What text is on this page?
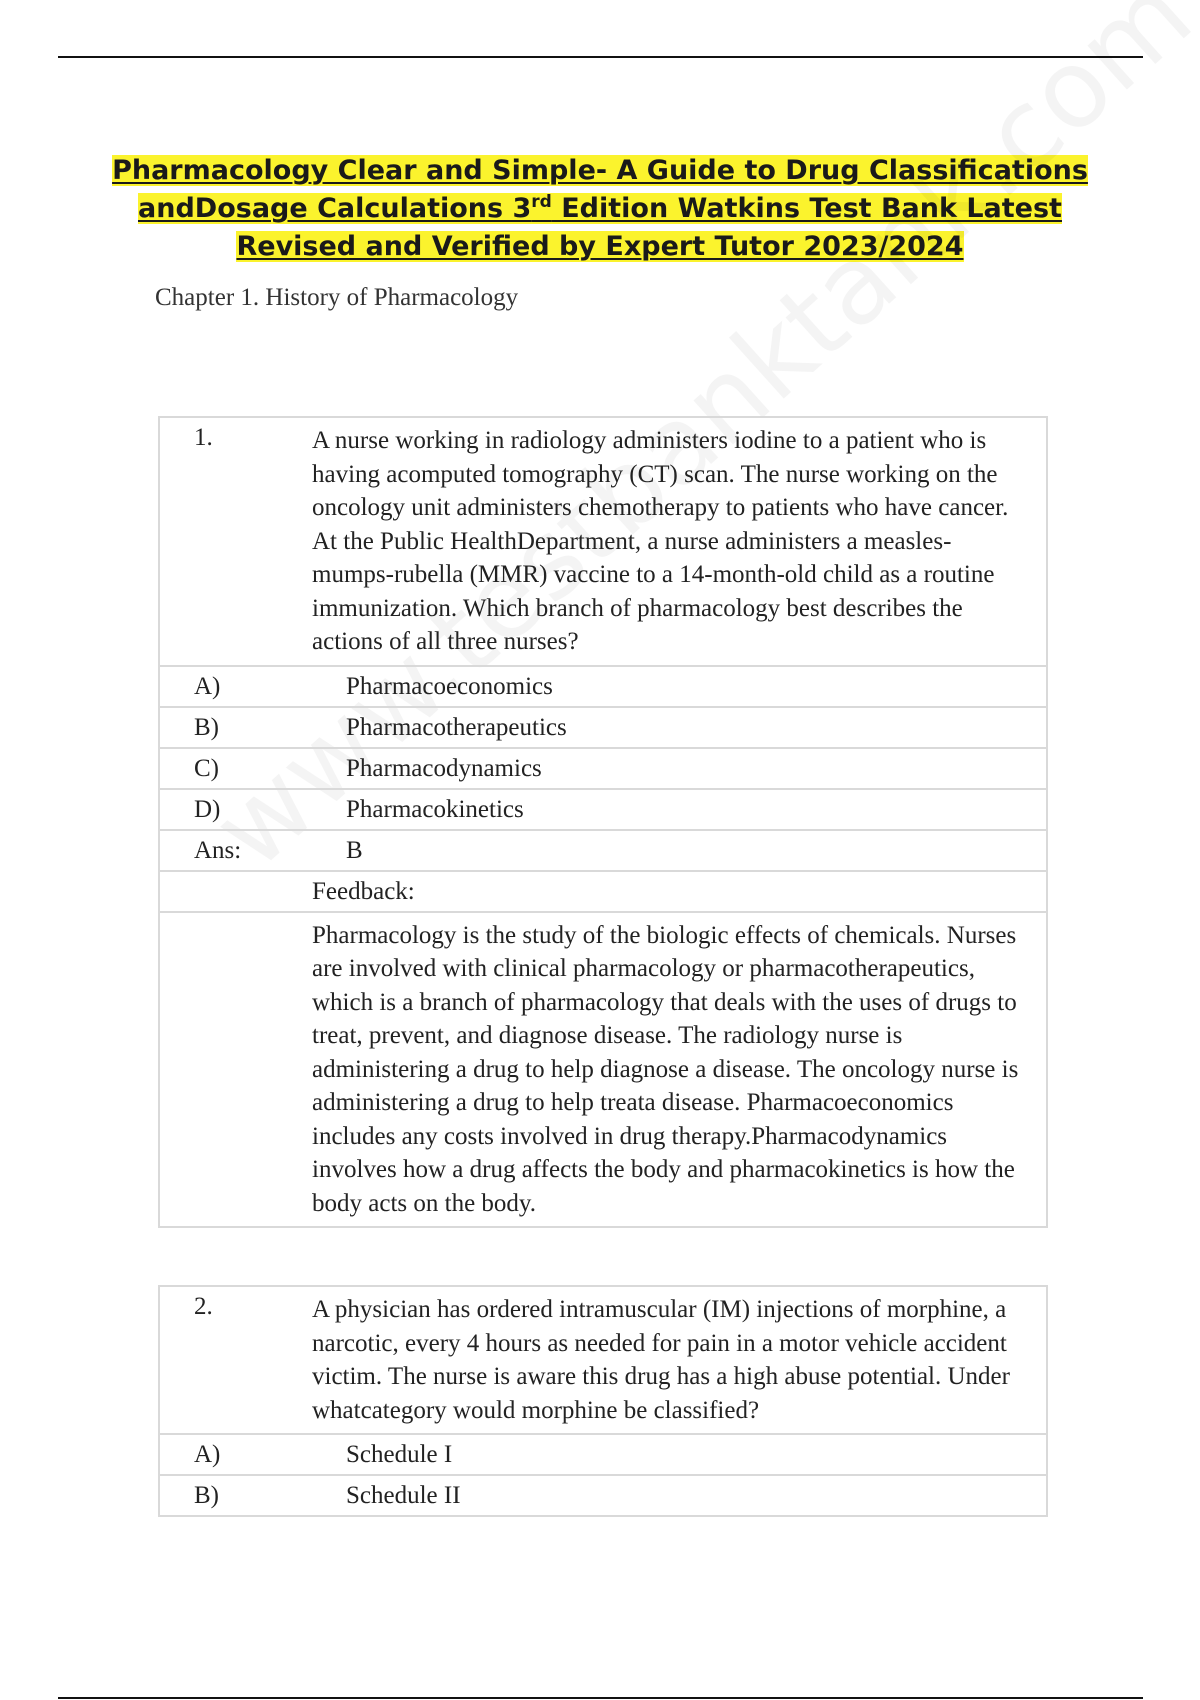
Pharmacology Clear and Simple- A Guide to Drug Classifications
andDosage Calculations 3rd Edition Watkins Test Bank Latest
Revised and Verified by Expert Tutor 2023/2024
Chapter 1. History of Pharmacology
1.	A nurse working in radiology administers iodine to a patient who is having acomputed tomography (CT) scan. The nurse working on the oncology unit administers chemotherapy to patients who have cancer. At the Public HealthDepartment, a nurse administers a measles-mumps-rubella (MMR) vaccine to a 14-month-old child as a routine immunization. Which branch of pharmacology best describes the actions of all three nurses?
A)	Pharmacoeconomics
B)	Pharmacotherapeutics
C)	Pharmacodynamics
D)	Pharmacokinetics
Ans:	B
	Feedback:
	Pharmacology is the study of the biologic effects of chemicals. Nurses are involved with clinical pharmacology or pharmacotherapeutics, which is a branch of pharmacology that deals with the uses of drugs to treat, prevent, and diagnose disease. The radiology nurse is administering a drug to help diagnose a disease. The oncology nurse is administering a drug to help treata disease. Pharmacoeconomics includes any costs involved in drug therapy.Pharmacodynamics involves how a drug affects the body and pharmacokinetics is how the body acts on the body.
2.	A physician has ordered intramuscular (IM) injections of morphine, a narcotic, every 4 hours as needed for pain in a motor vehicle accident victim. The nurse is aware this drug has a high abuse potential. Under whatcategory would morphine be classified?
A)	Schedule I
B)	Schedule II
